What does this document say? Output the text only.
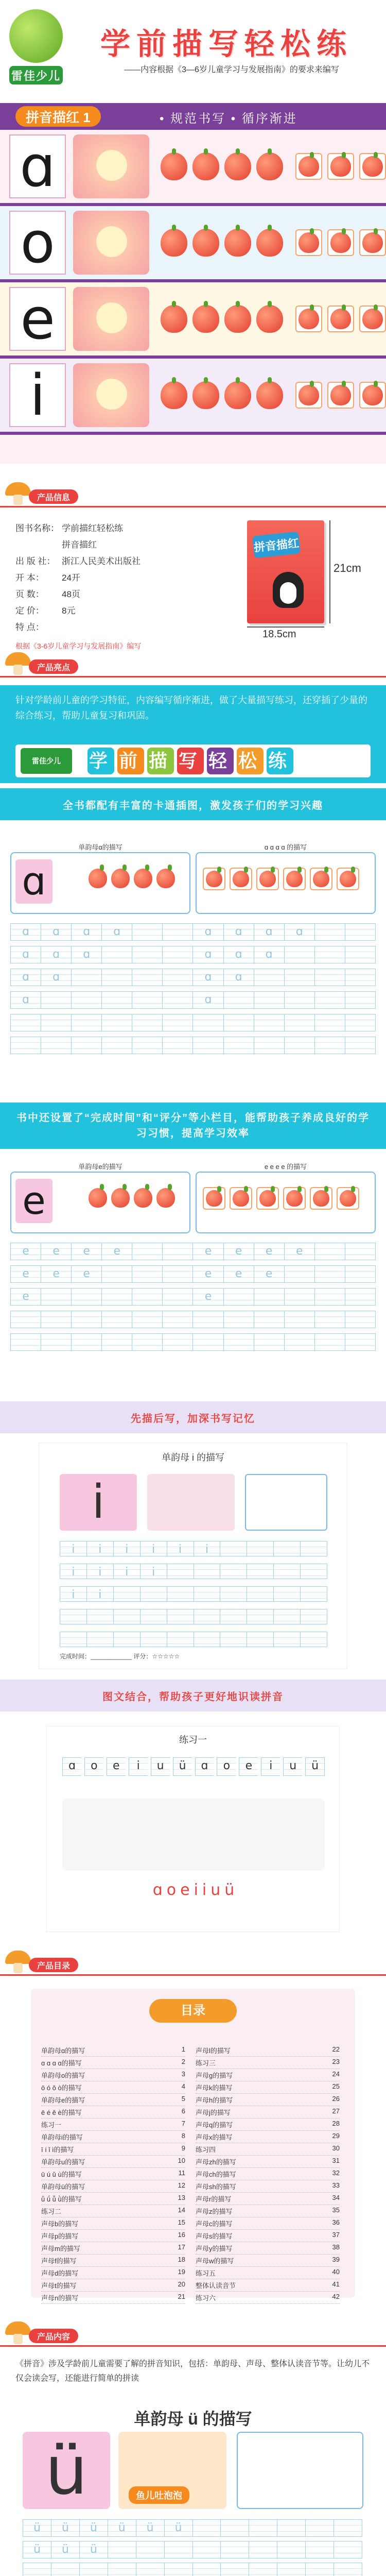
雷佳少儿
学前描写轻松练
——内容根据《3—6岁儿童学习与发展指南》的要求来编写
拼音描红 1	• 规范书写 • 循序渐进
ɑ
o
e
i
产品信息
图书名称： 学前描红轻松练
拼音描红
出 版 社： 浙江人民美术出版社
开 本：	24开
页 数：	48页
定 价：	8元
特 点：
根据《3-6岁儿童学习与发展指南》编写
拼音描红
21cm
18.5cm
产品亮点
针对学龄前儿童的学习特征，内容编写循序渐进，做了大量描写练习，还穿插了少量的综合练习，帮助儿童复习和巩固。
雷佳少儿	学 前 描 写 轻 松 练
全书都配有丰富的卡通插图，激发孩子们的学习兴趣
单韵母ɑ的描写
ɑ
ɑ ɑ ɑ ɑ 的描写
ɑ	ɑ	ɑ	ɑ	ɑ	ɑ	ɑ	ɑ
ɑ	ɑ	ɑ	ɑ	ɑ	ɑ
ɑ	ɑ	ɑ	ɑ
ɑ	ɑ
书中还设置了“完成时间”和“评分”等小栏目，能帮助孩子养成良好的学习习惯，提高学习效率
单韵母e的描写
e
e e e e 的描写
e	e	e	e	e	e	e	e
e	e	e	e	e	e
e	e
先描后写，加深书写记忆
单韵母 i 的描写
i
i	i	i	i	i	i
i	i	i	i
i	i
完成时间：____________ 评分：☆☆☆☆☆
图文结合，帮助孩子更好地识读拼音
练习一
ɑ	o	e	i	u	ü	ɑ	o	e	i	u	ü
ɑ o e i i u ü
产品目录
目录
单韵母ɑ的描写	1
ɑ ɑ ɑ ɑ的描写	2
单韵母o的描写	3
ō ó ǒ ò的描写	4
单韵母e的描写	5
ē é ě è的描写	6
练习一	7
单韵母i的描写	8
ī í ǐ ì的描写	9
单韵母u的描写	10
ū ú ǔ ù的描写	11
单韵母ü的描写	12
ǖ ǘ ǚ ǜ的描写	13
练习二	14
声母b的描写	15
声母p的描写	16
声母m的描写	17
声母f的描写	18
声母d的描写	19
声母t的描写	20
声母n的描写	21
声母l的描写	22
练习三	23
声母g的描写	24
声母k的描写	25
声母h的描写	26
声母j的描写	27
声母q的描写	28
声母x的描写	29
练习四	30
声母zh的描写	31
声母ch的描写	32
声母sh的描写	33
声母r的描写	34
声母z的描写	35
声母c的描写	36
声母s的描写	37
声母y的描写	38
声母w的描写	39
练习五	40
整体认读音节	41
练习六	42
产品内容
《拼音》涉及学龄前儿童需要了解的拼音知识，包括：单韵母、声母、整体认读音节等。让幼儿不仅会读会写，还能进行简单的拼读
单韵母 ü 的描写
ü	鱼儿吐泡泡
ü	ü	ü	ü	ü	ü
ü	ü	ü
